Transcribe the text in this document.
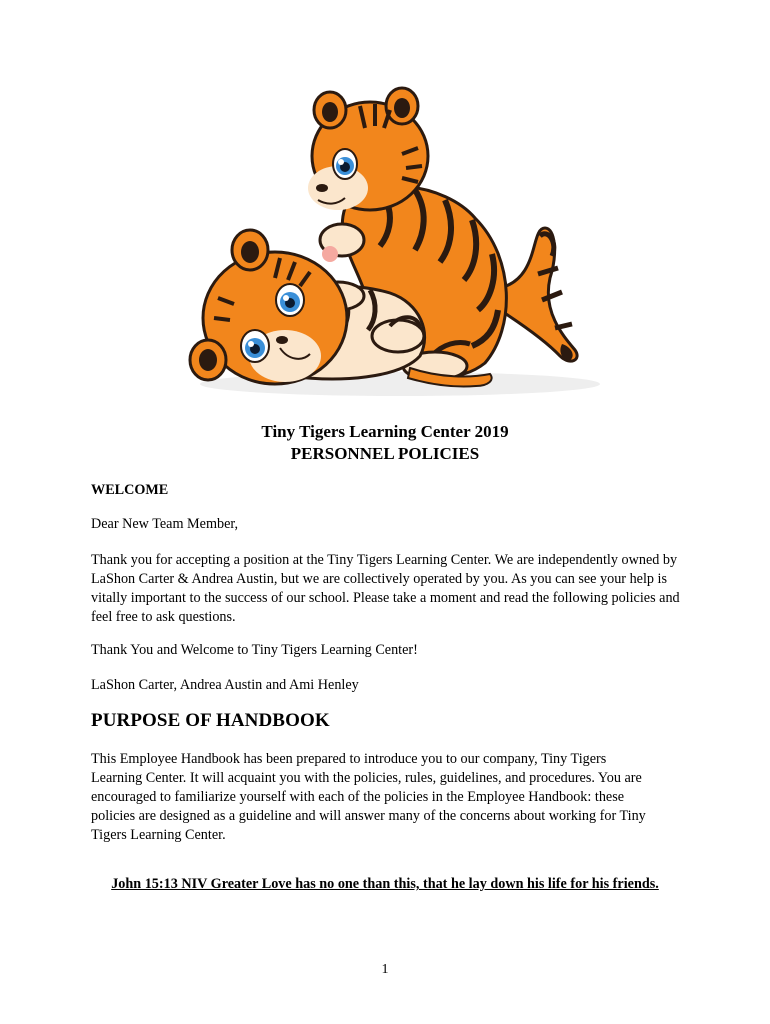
Tiny Tigers Learning Center 2019
PERSONNEL POLICIES
WELCOME
Dear New Team Member,
Thank you for accepting a position at the Tiny Tigers Learning Center. We are independently owned by LaShon Carter & Andrea Austin, but we are collectively operated by you. As you can see your help is vitally important to the success of our school. Please take a moment and read the following policies and feel free to ask questions.
Thank You and Welcome to Tiny Tigers Learning Center!
LaShon Carter, Andrea Austin and Ami Henley
PURPOSE OF HANDBOOK
This Employee Handbook has been prepared to introduce you to our company, Tiny Tigers Learning Center. It will acquaint you with the policies, rules, guidelines, and procedures. You are encouraged to familiarize yourself with each of the policies in the Employee Handbook: these policies are designed as a guideline and will answer many of the concerns about working for Tiny Tigers Learning Center.
John 15:13 NIV Greater Love has no one than this, that he lay down his life for his friends.
1
